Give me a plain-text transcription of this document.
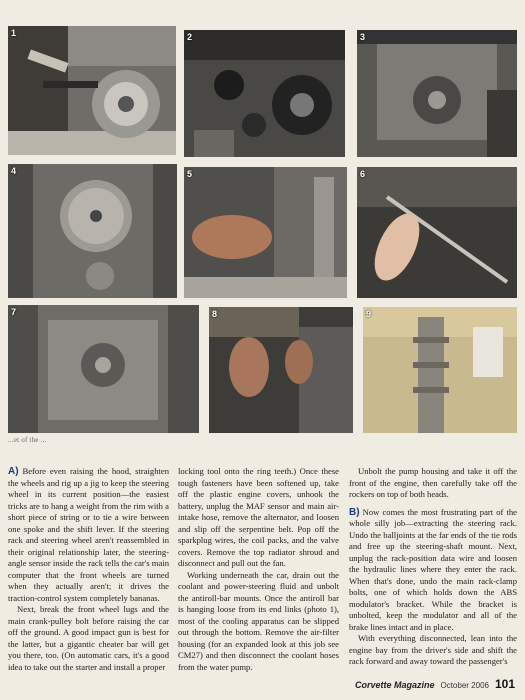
1	2	3
4	5	6
7	8	9
...et of the ...

A) Before even raising the hood, straighten the wheels and rig up a jig to keep the steering wheel in its current position—the easiest tricks are to hang a weight from the rim with a short piece of string or to tie a wire between one spoke and the shift lever. If the steering rack and steering wheel aren't reassembled in their original relationship later, the steering-angle sensor inside the rack tells the car's main computer that the front wheels are turned when they actually aren't; it drives the traction-control system completely bananas.

Next, break the front wheel lugs and the main crank-pulley bolt before raising the car off the ground. A good impact gun is best for the latter, but a gigantic cheater bar will get you there, too. (On automatic cars, it's a good idea to take out the starter and install a proper

locking tool onto the ring teeth.) Once these tough fasteners have been softened up, take off the plastic engine covers, unhook the battery, unplug the MAF sensor and main air-intake hose, remove the alternator, and loosen and slip off the serpentine belt. Pop off the sparkplug wires, the coil packs, and the valve covers. Remove the top radiator shroud and disconnect and pull out the fan.

Working underneath the car, drain out the coolant and power-steering fluid and unbolt the antiroll-bar mounts. Once the antiroll bar is hanging loose from its end links (photo 1), most of the cooling apparatus can be slipped out through the bottom. Remove the air-filter housing (for an expanded look at this job see CM27) and then disconnect the coolant hoses from the water pump.

Unbolt the pump housing and take it off the front of the engine, then carefully take off the rockers on top of both heads.

B) Now comes the most frustrating part of the whole silly job—extracting the steering rack. Undo the balljoints at the far ends of the tie rods and free up the steering-shaft mount. Next, unplug the rack-position data wire and loosen the hydraulic lines where they enter the rack. When that's done, undo the main rack-clamp bolts, one of which holds down the ABS modulator's bracket. While the bracket is unbolted, keep the modulator and all of the brake lines intact and in place.

With everything disconnected, lean into the engine bay from the driver's side and shift the rack forward and away toward the passenger's

Corvette Magazine October 2006 101
